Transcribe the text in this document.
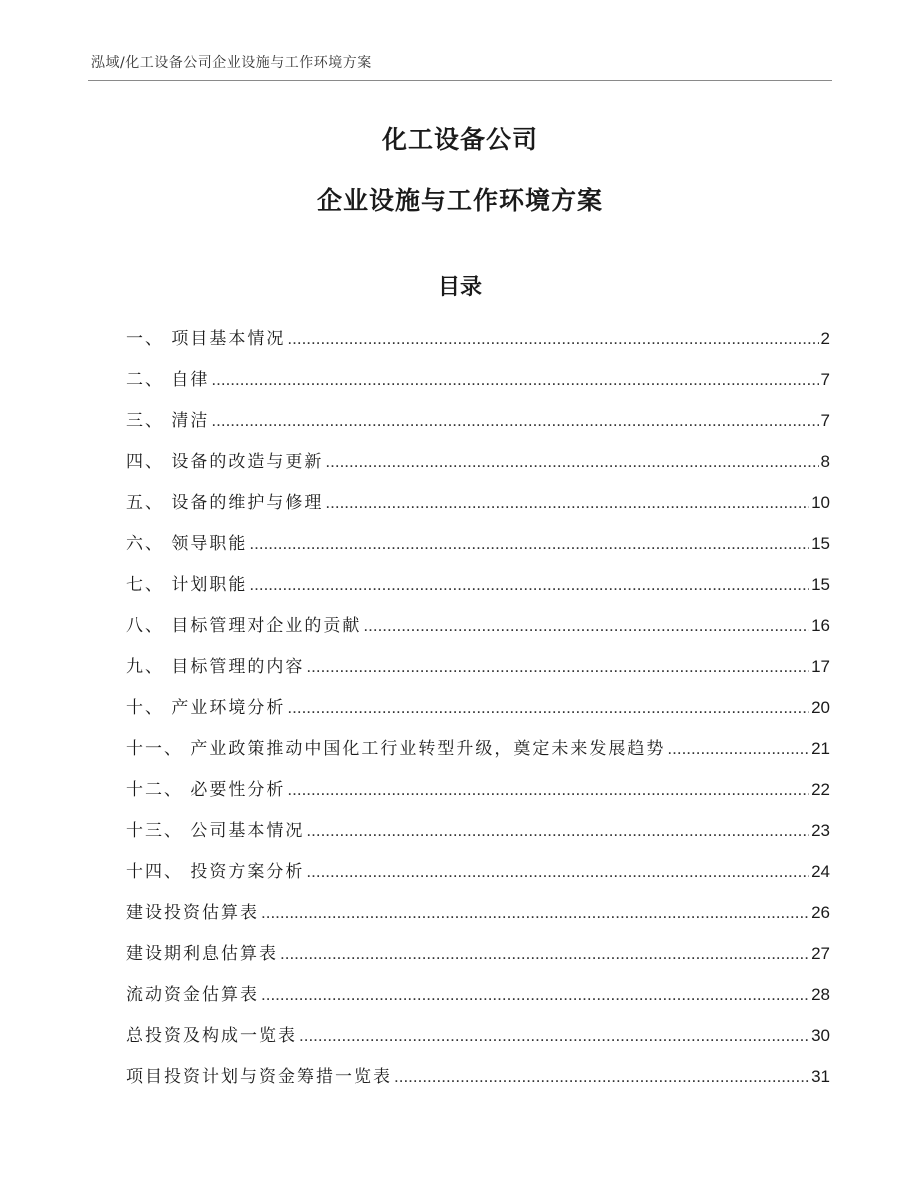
泓域/化工设备公司企业设施与工作环境方案
化工设备公司
企业设施与工作环境方案
目录
一、 项目基本情况 .....	2
二、 自律 .....	7
三、 清洁 .....	7
四、 设备的改造与更新 .....	8
五、 设备的维护与修理 .....	10
六、 领导职能 .....	15
七、 计划职能 .....	15
八、 目标管理对企业的贡献 .....	16
九、 目标管理的内容 .....	17
十、 产业环境分析 .....	20
十一、 产业政策推动中国化工行业转型升级，奠定未来发展趋势 .....	21
十二、 必要性分析 .....	22
十三、 公司基本情况 .....	23
十四、 投资方案分析 .....	24
建设投资估算表 .....	26
建设期利息估算表 .....	27
流动资金估算表 .....	28
总投资及构成一览表 .....	30
项目投资计划与资金筹措一览表 .....	31
